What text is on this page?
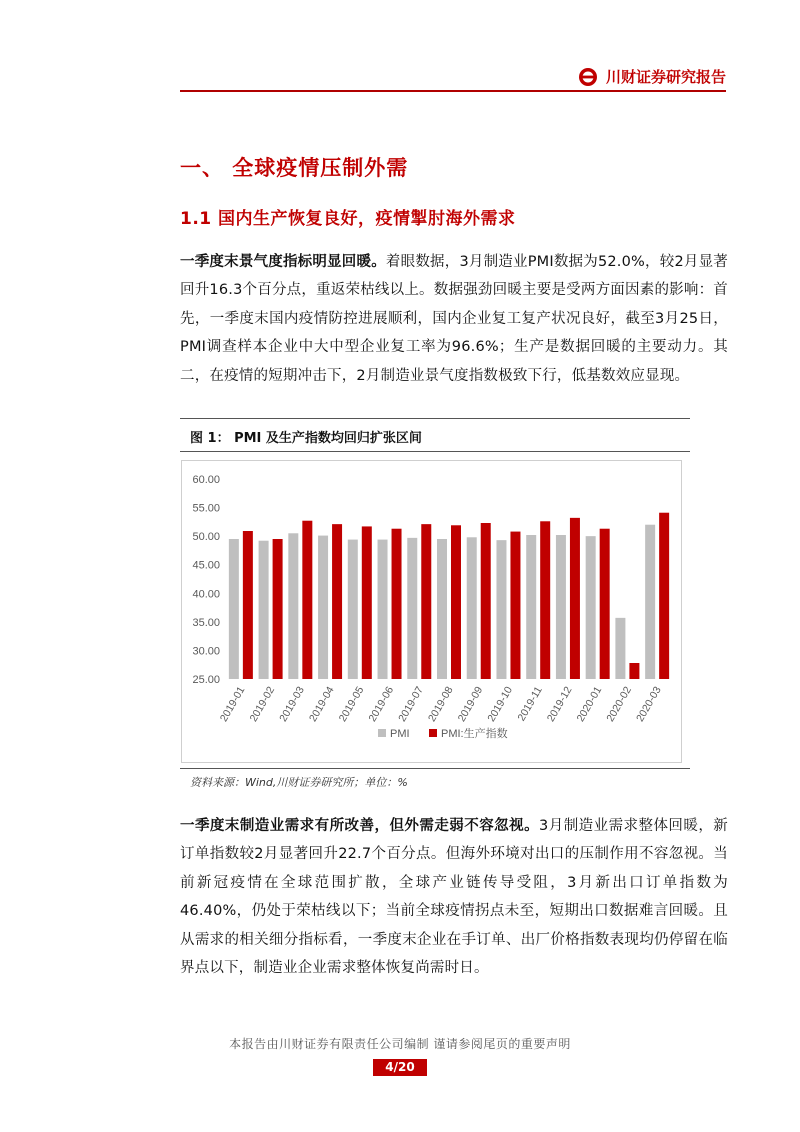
川财证券研究报告
一、 全球疫情压制外需
1.1 国内生产恢复良好，疫情掣肘海外需求
一季度末景气度指标明显回暖。着眼数据，3月制造业PMI数据为52.0%，较2月显著回升16.3个百分点，重返荣枯线以上。数据强劲回暖主要是受两方面因素的影响：首先，一季度末国内疫情防控进展顺利，国内企业复工复产状况良好，截至3月25日，PMI调查样本企业中大中型企业复工率为96.6%；生产是数据回暖的主要动力。其二，在疫情的短期冲击下，2月制造业景气度指数极致下行，低基数效应显现。
图 1： PMI 及生产指数均回归扩张区间
60.00
55.00
50.00
45.00
40.00
35.00
30.00
25.00
2019-01 2019-02 2019-03 2019-04 2019-05 2019-06 2019-07 2019-08 2019-09 2019-10 2019-11 2019-12 2020-01 2020-02 2020-03
PMI	PMI:生产指数
资料来源：Wind,川财证券研究所；单位：%
一季度末制造业需求有所改善，但外需走弱不容忽视。3月制造业需求整体回暖，新订单指数较2月显著回升22.7个百分点。但海外环境对出口的压制作用不容忽视。当前新冠疫情在全球范围扩散，全球产业链传导受阻，3月新出口订单指数为46.40%，仍处于荣枯线以下；当前全球疫情拐点未至，短期出口数据难言回暖。且从需求的相关细分指标看，一季度末企业在手订单、出厂价格指数表现均仍停留在临界点以下，制造业企业需求整体恢复尚需时日。
本报告由川财证券有限责任公司编制 谨请参阅尾页的重要声明
4/20
